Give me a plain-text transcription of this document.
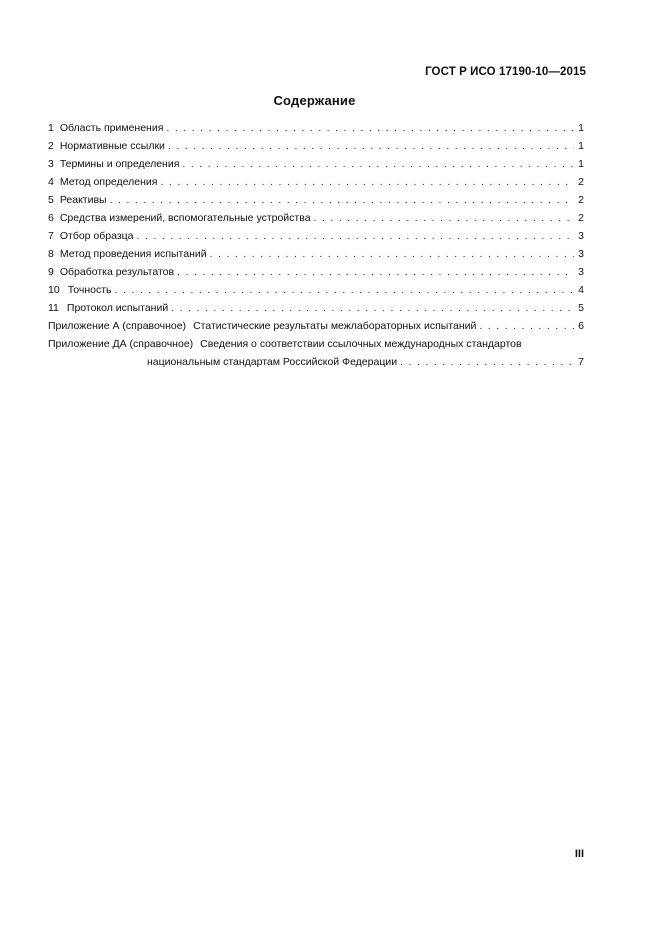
ГОСТ Р ИСО 17190-10—2015
Содержание
1 Область применения . . .	1
2 Нормативные ссылки . . .	1
3 Термины и определения . . .	1
4 Метод определения . . .	2
5 Реактивы . . .	2
6 Средства измерений, вспомогательные устройства . . .	2
7 Отбор образца . . .	3
8 Метод проведения испытаний . . .	3
9 Обработка результатов . . .	3
10 Точность . . .	4
11 Протокол испытаний . . .	5
Приложение А (справочное) Статистические результаты межлабораторных испытаний . . .	6
Приложение ДА (справочное) Сведения о соответствии ссылочных международных стандартов
национальным стандартам Российской Федерации . . .	7
III
